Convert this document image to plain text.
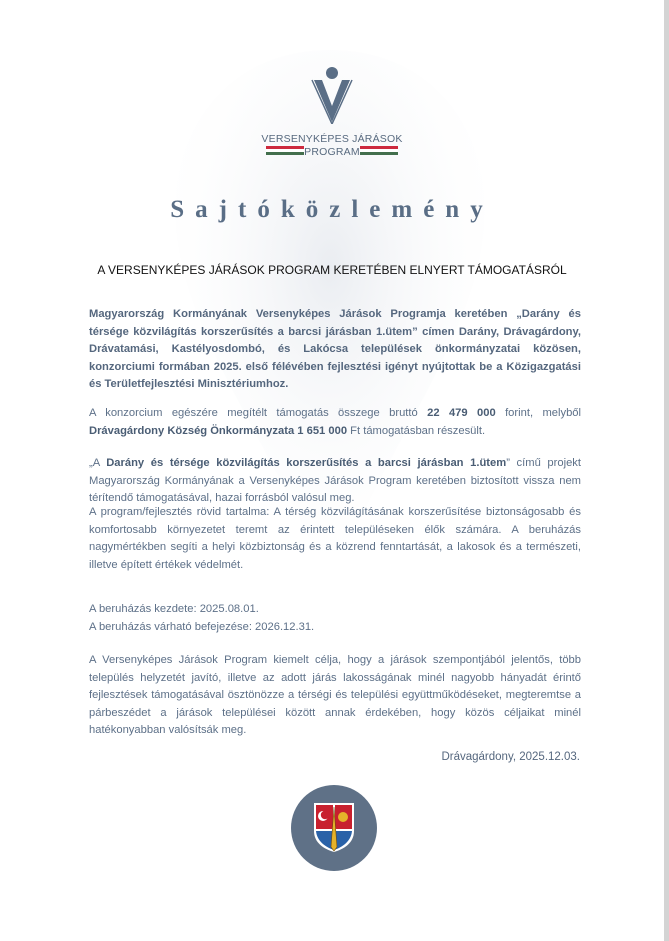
VERSENYKÉPES JÁRÁSOK
PROGRAM
Sajtóközlemény
A VERSENYKÉPES JÁRÁSOK PROGRAM KERETÉBEN ELNYERT TÁMOGATÁSRÓL
Magyarország Kormányának Versenyképes Járások Programja keretében „Darány és térsége közvilágítás korszerűsítés a barcsi járásban 1.ütem” címen Darány, Drávagárdony, Drávatamási, Kastélyosdombó, és Lakócsa települések önkormányzatai közösen, konzorciumi formában 2025. első félévében fejlesztési igényt nyújtottak be a Közigazgatási és Területfejlesztési Minisztériumhoz.
A konzorcium egészére megítélt támogatás összege bruttó 22 479 000 forint, melyből Drávagárdony Község Önkormányzata 1 651 000 Ft támogatásban részesült.
„A Darány és térsége közvilágítás korszerűsítés a barcsi járásban 1.ütem” című projekt Magyarország Kormányának a Versenyképes Járások Program keretében biztosított vissza nem térítendő támogatásával, hazai forrásból valósul meg.
A program/fejlesztés rövid tartalma: A térség közvilágításának korszerűsítése biztonságosabb és komfortosabb környezetet teremt az érintett településeken élők számára. A beruházás nagymértékben segíti a helyi közbiztonság és a közrend fenntartását, a lakosok és a természeti, illetve épített értékek védelmét.
A beruházás kezdete: 2025.08.01.
A beruházás várható befejezése: 2026.12.31.
A Versenyképes Járások Program kiemelt célja, hogy a járások szempontjából jelentős, több település helyzetét javító, illetve az adott járás lakosságának minél nagyobb hányadát érintő fejlesztések támogatásával ösztönözze a térségi és települési együttműködéseket, megteremtse a párbeszédet a járások települései között annak érdekében, hogy közös céljaikat minél hatékonyabban valósítsák meg.
Drávagárdony, 2025.12.03.
